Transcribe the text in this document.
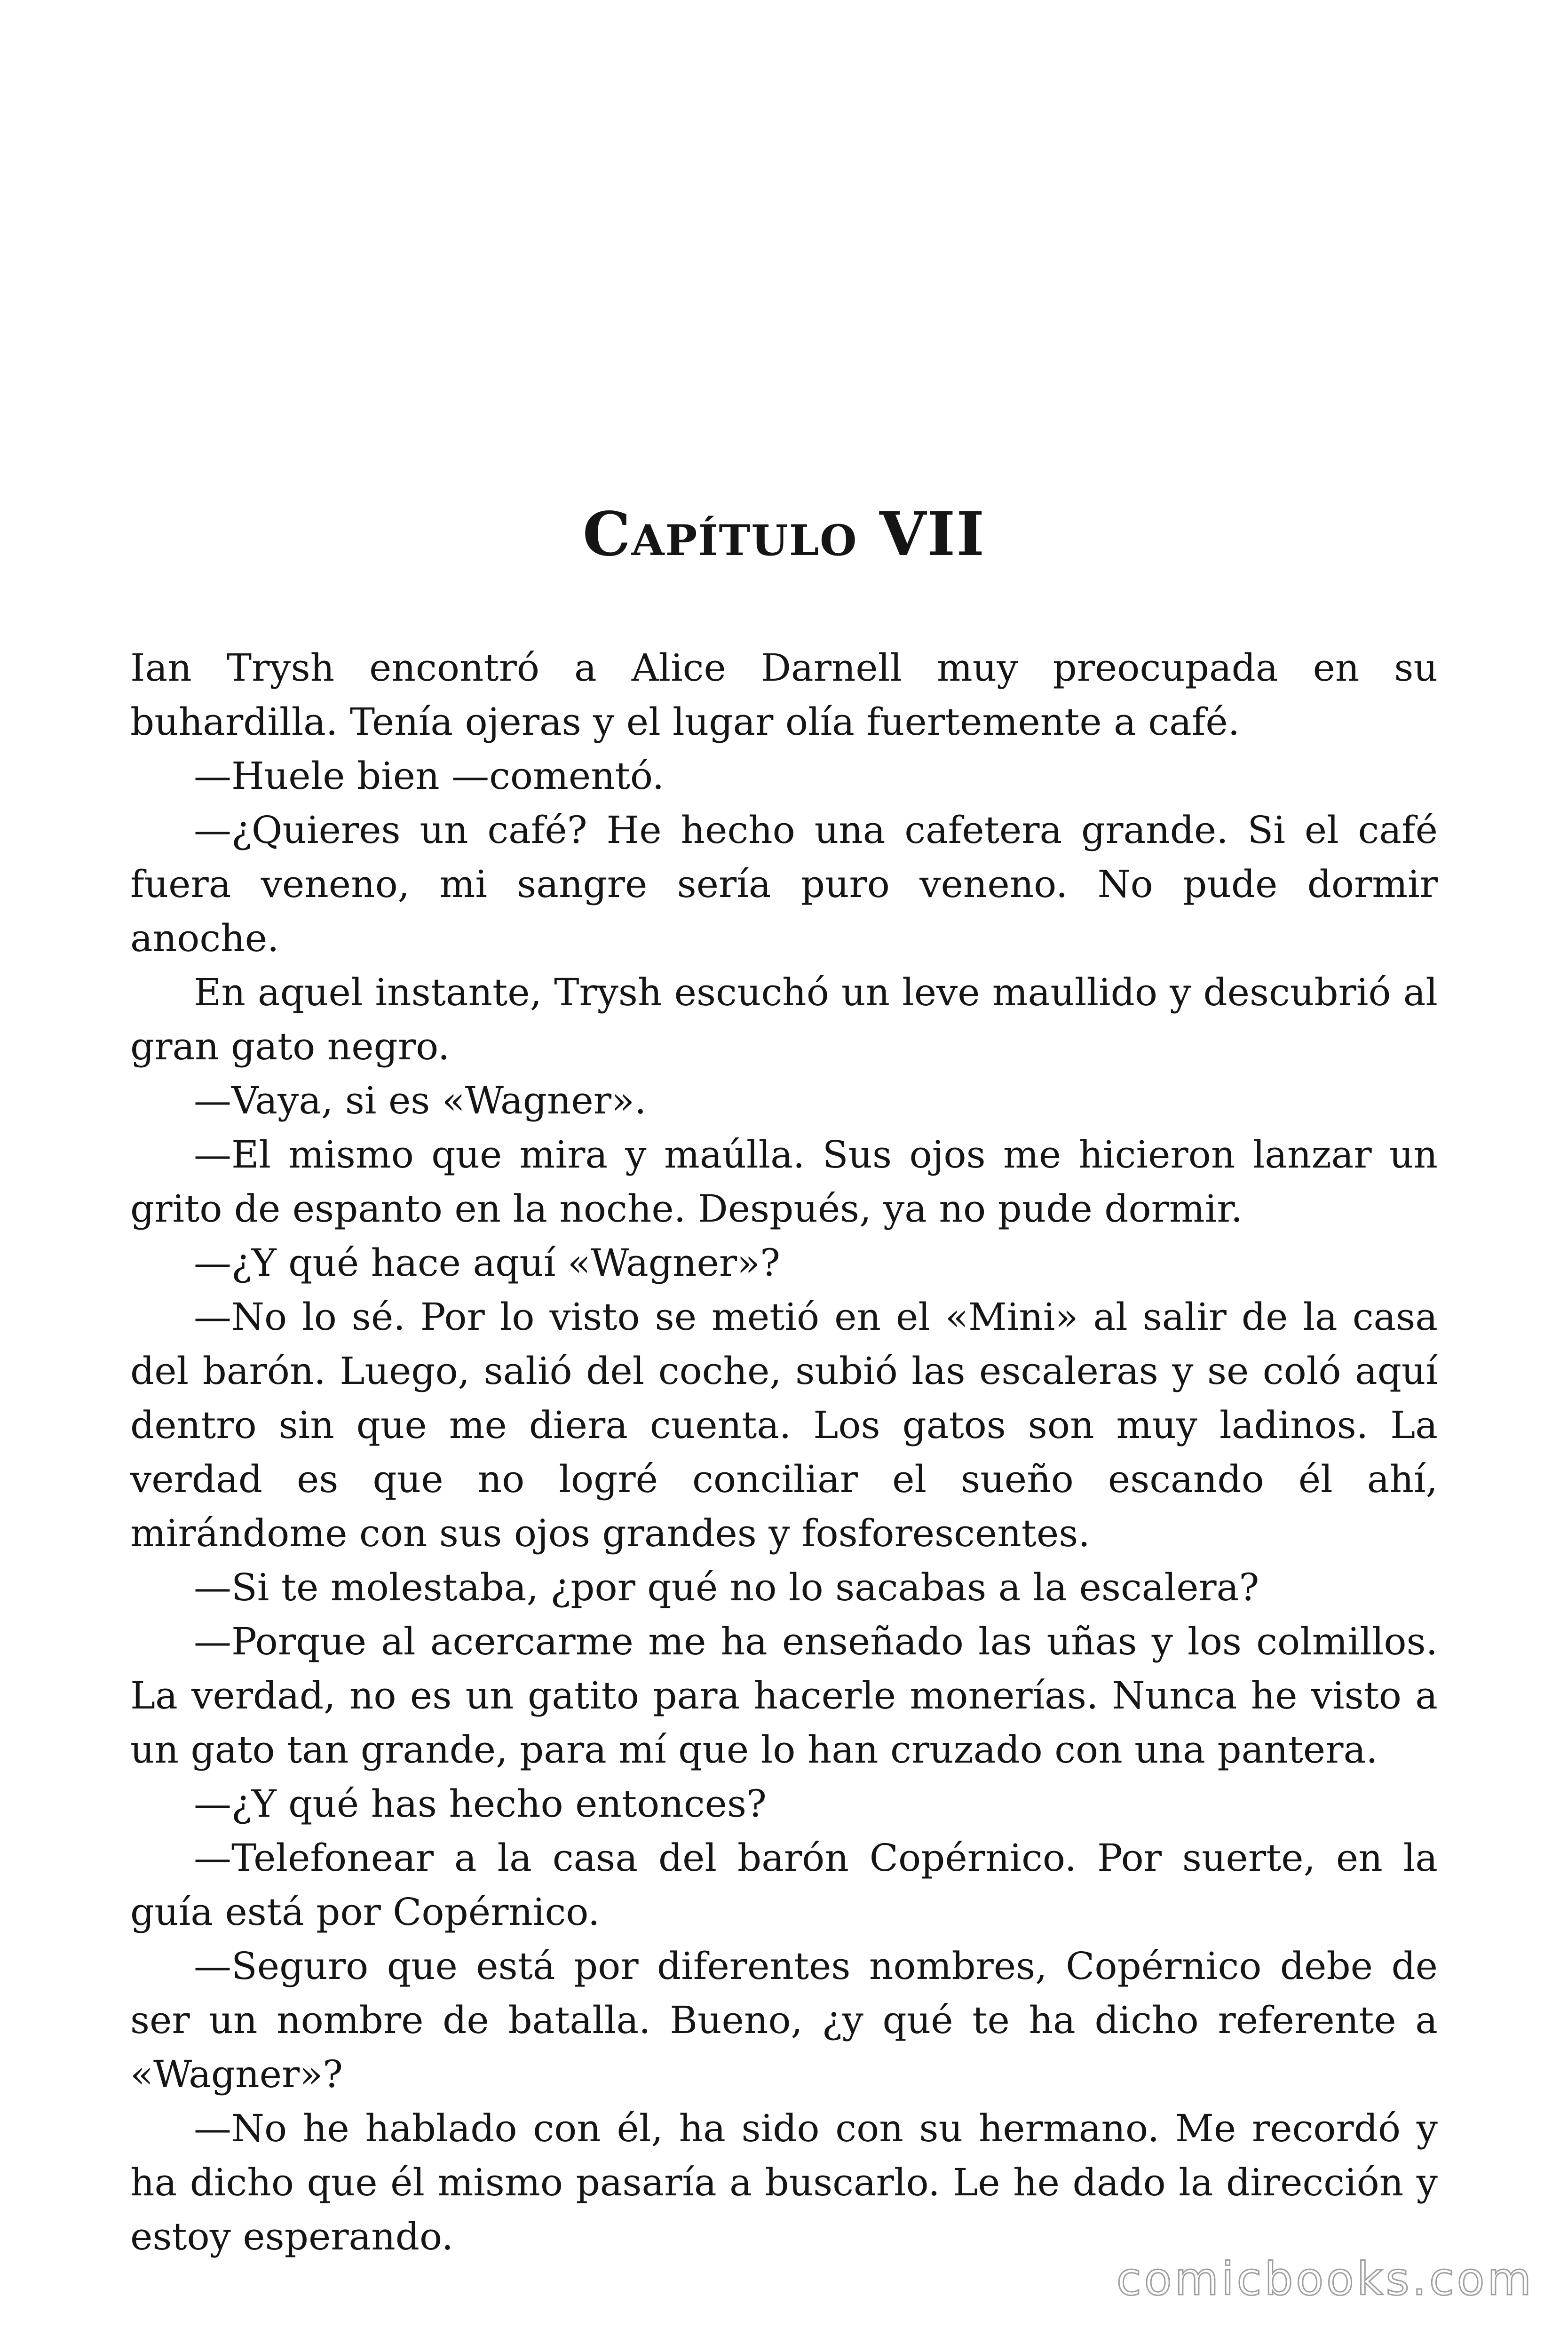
Capítulo VII

Ian Trysh encontró a Alice Darnell muy preocupada en su buhardilla. Tenía ojeras y el lugar olía fuertemente a café.

—Huele bien —comentó.

—¿Quieres un café? He hecho una cafetera grande. Si el café fuera veneno, mi sangre sería puro veneno. No pude dormir anoche.

En aquel instante, Trysh escuchó un leve maullido y descubrió al gran gato negro.

—Vaya, si es «Wagner».

—El mismo que mira y maúlla. Sus ojos me hicieron lanzar un grito de espanto en la noche. Después, ya no pude dormir.

—¿Y qué hace aquí «Wagner»?

—No lo sé. Por lo visto se metió en el «Mini» al salir de la casa del barón. Luego, salió del coche, subió las escaleras y se coló aquí dentro sin que me diera cuenta. Los gatos son muy ladinos. La verdad es que no logré conciliar el sueño escando él ahí, mirándome con sus ojos grandes y fosforescentes.

—Si te molestaba, ¿por qué no lo sacabas a la escalera?

—Porque al acercarme me ha enseñado las uñas y los colmillos. La verdad, no es un gatito para hacerle monerías. Nunca he visto a un gato tan grande, para mí que lo han cruzado con una pantera.

—¿Y qué has hecho entonces?

—Telefonear a la casa del barón Copérnico. Por suerte, en la guía está por Copérnico.

—Seguro que está por diferentes nombres, Copérnico debe de ser un nombre de batalla. Bueno, ¿y qué te ha dicho referente a «Wagner»?

—No he hablado con él, ha sido con su hermano. Me recordó y ha dicho que él mismo pasaría a buscarlo. Le he dado la dirección y estoy esperando.

comicbooks.com
